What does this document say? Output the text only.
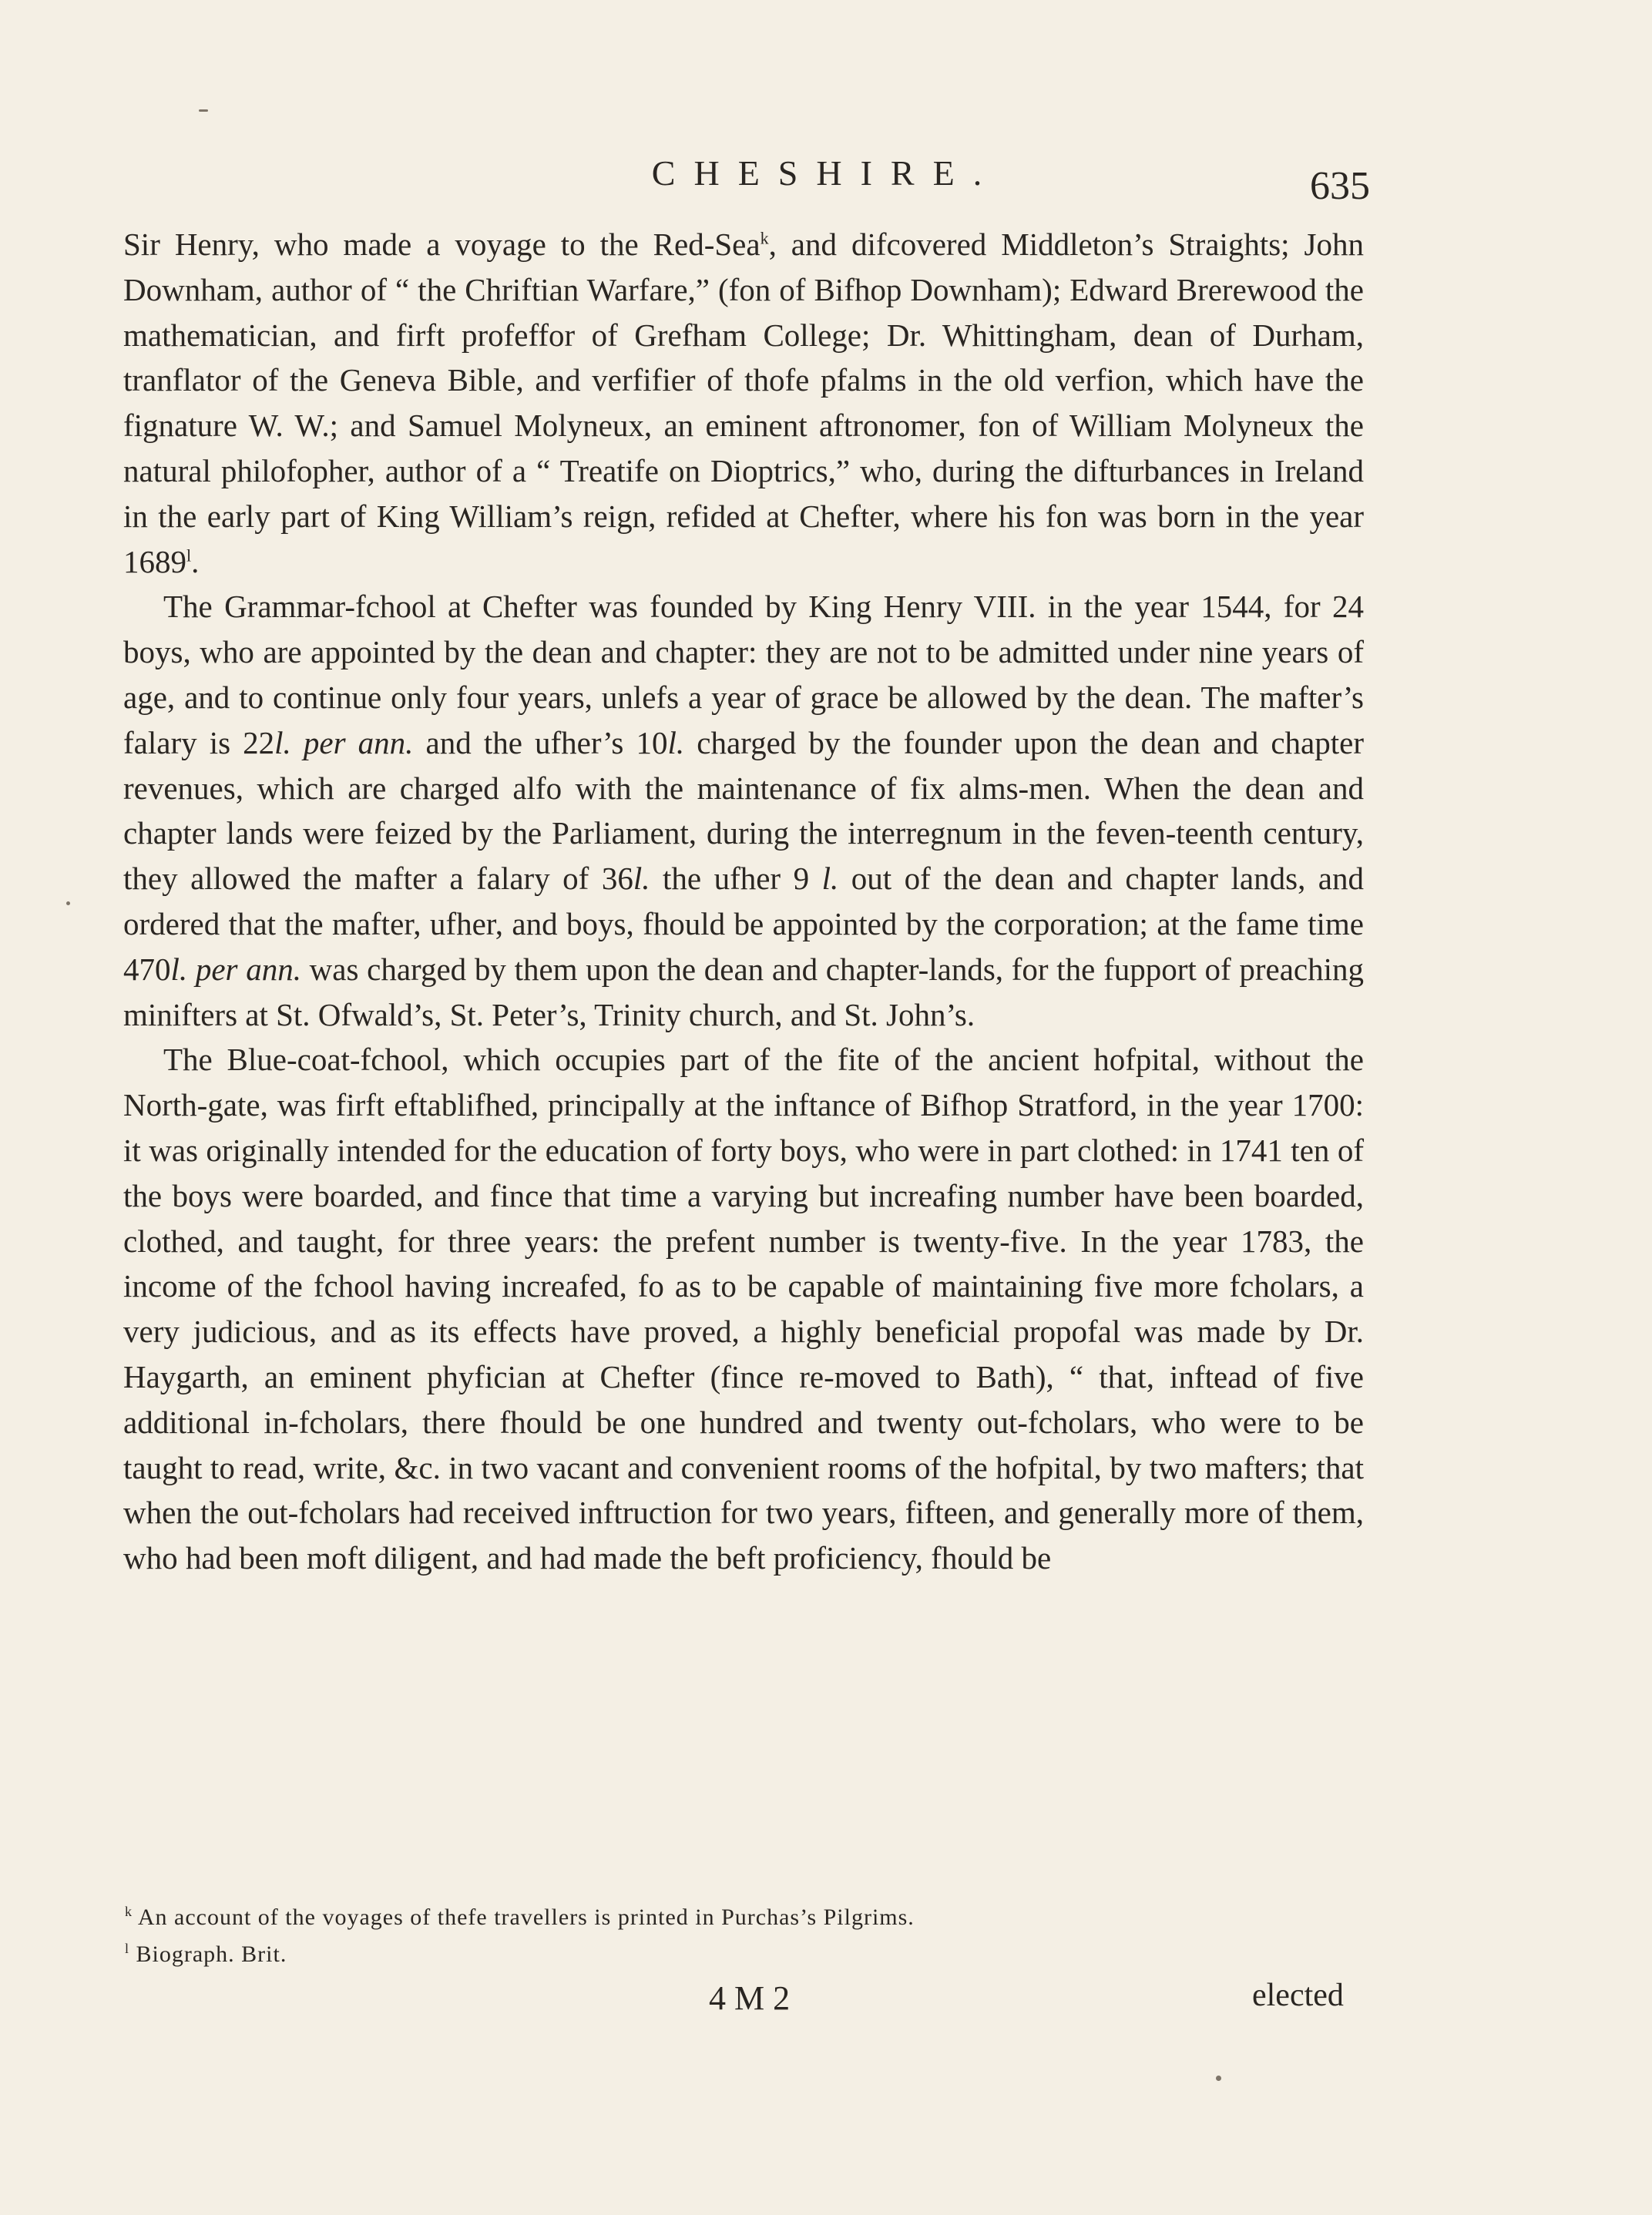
CHESHIRE.	635

Sir Henry, who made a voyage to the Red-Sea$^k$, and difcovered Middleton’s Straights; John Downham, author of “ the Chriftian Warfare,” (fon of Bifhop Downham); Edward Brerewood the mathematician, and firft profeffor of Grefham College; Dr. Whittingham, dean of Durham, tranflator of the Geneva Bible, and verfifier of thofe pfalms in the old verfion, which have the fignature W. W.; and Samuel Molyneux, an eminent aftronomer, fon of William Molyneux the natural philofopher, author of a “ Treatife on Dioptrics,” who, during the difturbances in Ireland in the early part of King William’s reign, refided at Chefter, where his fon was born in the year 1689$^l$.

The Grammar-fchool at Chefter was founded by King Henry VIII. in the year 1544, for 24 boys, who are appointed by the dean and chapter: they are not to be admitted under nine years of age, and to continue only four years, unlefs a year of grace be allowed by the dean. The mafter’s falary is 22l. per ann. and the ufher’s 10l. charged by the founder upon the dean and chapter revenues, which are charged alfo with the maintenance of fix alms-men. When the dean and chapter lands were feized by the Parliament, during the interregnum in the feven-teenth century, they allowed the mafter a falary of 36l. the ufher 9 l. out of the dean and chapter lands, and ordered that the mafter, ufher, and boys, fhould be appointed by the corporation; at the fame time 470l. per ann. was charged by them upon the dean and chapter-lands, for the fupport of preaching minifters at St. Ofwald’s, St. Peter’s, Trinity church, and St. John’s.

The Blue-coat-fchool, which occupies part of the fite of the ancient hofpital, without the North-gate, was firft eftablifhed, principally at the inftance of Bifhop Stratford, in the year 1700: it was originally intended for the education of forty boys, who were in part clothed: in 1741 ten of the boys were boarded, and fince that time a varying but increafing number have been boarded, clothed, and taught, for three years: the prefent number is twenty-five. In the year 1783, the income of the fchool having increafed, fo as to be capable of maintaining five more fcholars, a very judicious, and as its effects have proved, a highly beneficial propofal was made by Dr. Haygarth, an eminent phyfician at Chefter (fince re-moved to Bath), “ that, inftead of five additional in-fcholars, there fhould be one hundred and twenty out-fcholars, who were to be taught to read, write, &c. in two vacant and convenient rooms of the hofpital, by two mafters; that when the out-fcholars had received inftruction for two years, fifteen, and generally more of them, who had been moft diligent, and had made the beft proficiency, fhould be

$^k$ An account of the voyages of thefe travellers is printed in Purchas’s Pilgrims.

$^l$ Biograph. Brit.

4 M 2	elected
